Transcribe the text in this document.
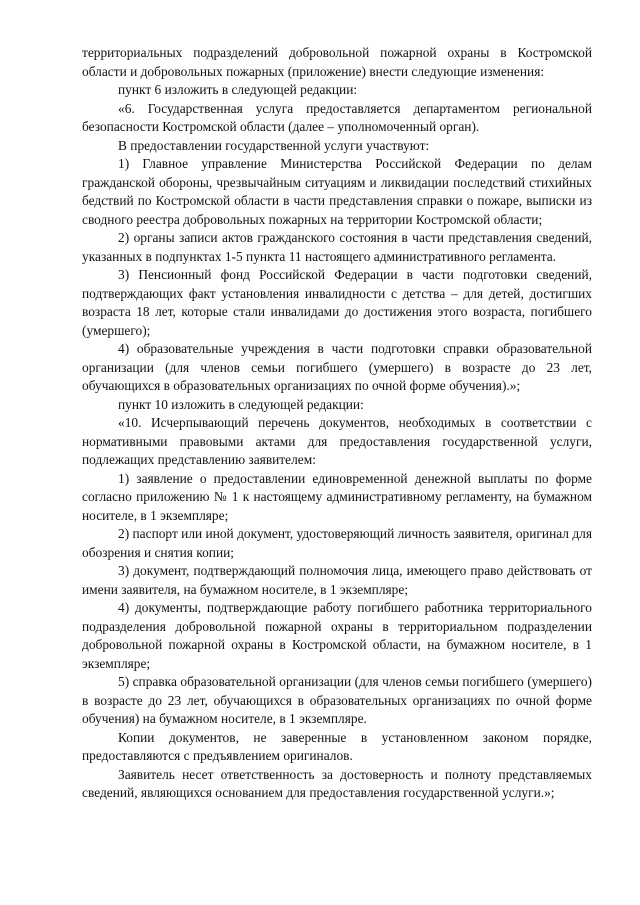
территориальных подразделений добровольной пожарной охраны в Костромской области и добровольных пожарных (приложение) внести следующие изменения:

пункт 6 изложить в следующей редакции:

«6. Государственная услуга предоставляется департаментом региональной безопасности Костромской области (далее – уполномоченный орган).

В предоставлении государственной услуги участвуют:

1) Главное управление Министерства Российской Федерации по делам гражданской обороны, чрезвычайным ситуациям и ликвидации последствий стихийных бедствий по Костромской области в части представления справки о пожаре, выписки из сводного реестра добровольных пожарных на территории Костромской области;

2) органы записи актов гражданского состояния в части представления сведений, указанных в подпунктах 1-5 пункта 11 настоящего административного регламента.

3) Пенсионный фонд Российской Федерации в части подготовки сведений, подтверждающих факт установления инвалидности с детства – для детей, достигших возраста 18 лет, которые стали инвалидами до достижения этого возраста, погибшего (умершего);

4) образовательные учреждения в части подготовки справки образовательной организации (для членов семьи погибшего (умершего) в возрасте до 23 лет, обучающихся в образовательных организациях по очной форме обучения).»;

пункт 10 изложить в следующей редакции:

«10. Исчерпывающий перечень документов, необходимых в соответствии с нормативными правовыми актами для предоставления государственной услуги, подлежащих представлению заявителем:

1) заявление о предоставлении единовременной денежной выплаты по форме согласно приложению № 1 к настоящему административному регламенту, на бумажном носителе, в 1 экземпляре;

2) паспорт или иной документ, удостоверяющий личность заявителя, оригинал для обозрения и снятия копии;

3) документ, подтверждающий полномочия лица, имеющего право действовать от имени заявителя, на бумажном носителе, в 1 экземпляре;

4) документы, подтверждающие работу погибшего работника территориального подразделения добровольной пожарной охраны в территориальном подразделении добровольной пожарной охраны в Костромской области, на бумажном носителе, в 1 экземпляре;

5) справка образовательной организации (для членов семьи погибшего (умершего) в возрасте до 23 лет, обучающихся в образовательных организациях по очной форме обучения) на бумажном носителе, в 1 экземпляре.

Копии документов, не заверенные в установленном законом порядке, предоставляются с предъявлением оригиналов.

Заявитель несет ответственность за достоверность и полноту представляемых сведений, являющихся основанием для предоставления государственной услуги.»;
